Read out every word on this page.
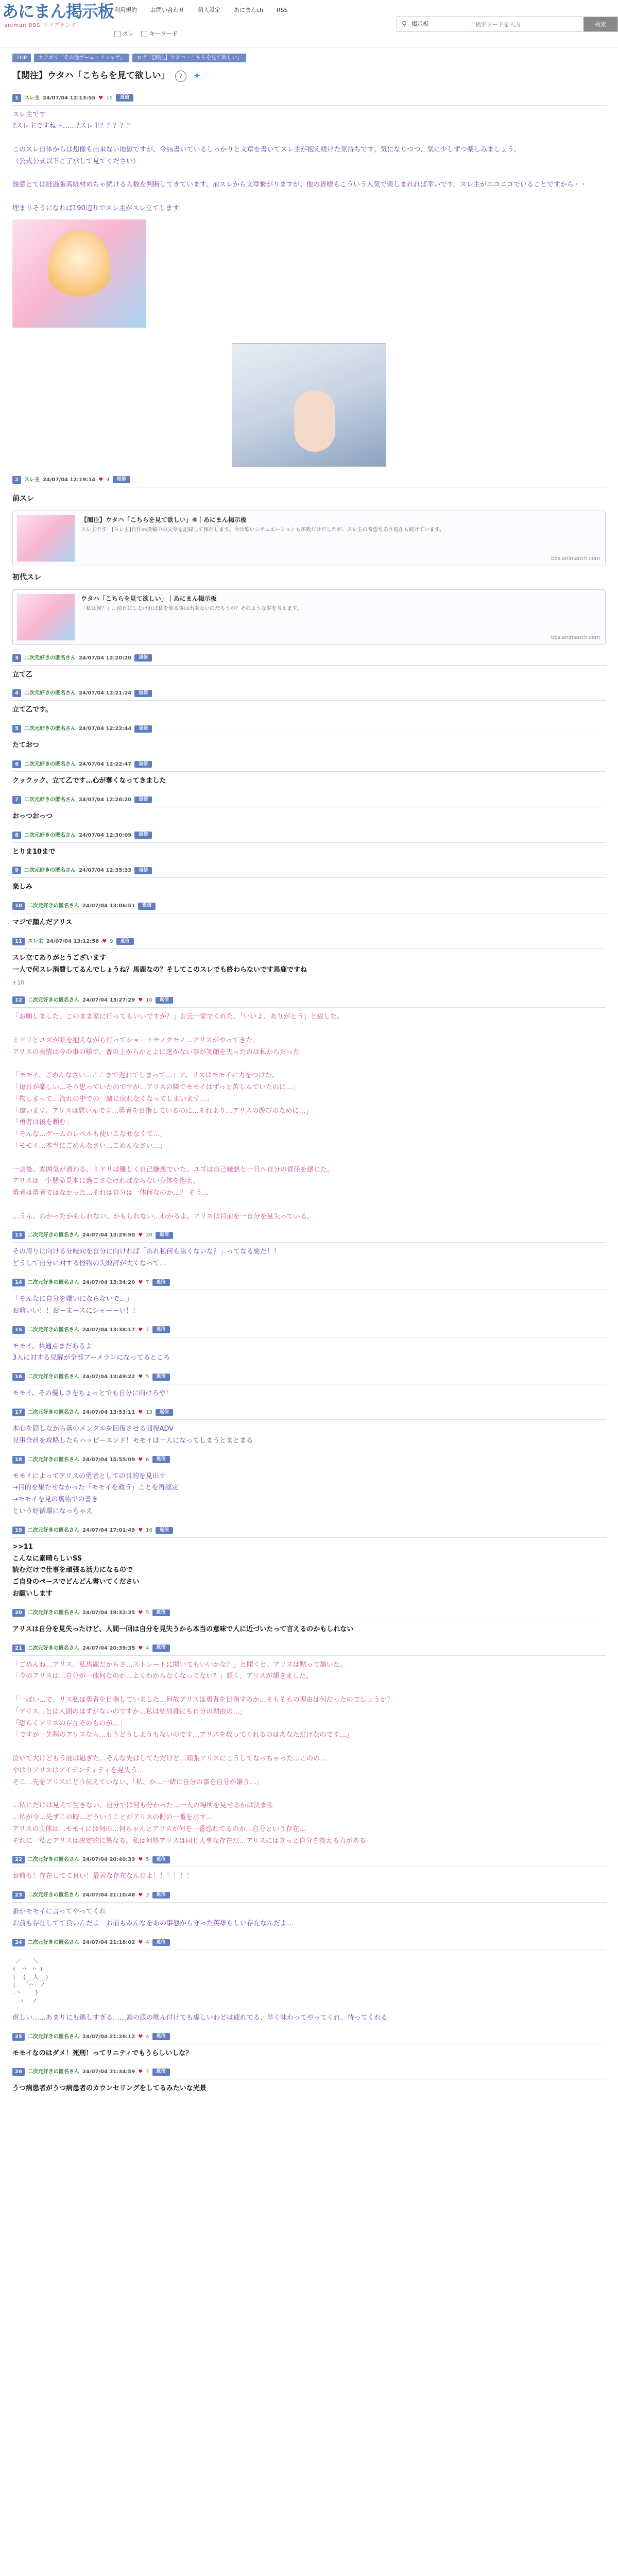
あにまん掲示板
animan BBS ロゴブランド
利用規約 お問い合わせ 個人設定 あにまんch RSS
スレ	キーワード
⚲ 掲示板
検索ワードを入力	検索
TOP	カテゴリ「その他ゲーム・ソシャゲ」	ログ「【閲注】ウタハ「こちらを見て欲しい」
【閲注】ウタハ「こちらを見て欲しい」	?	✦
1	スレ主 24/07/04 12:13:55 ♥ 15	返信

スレ主です

?スレ主ですね〜……?スレ主？？？？？

このスレ自体からは想像も出来ない地獄ですが、今ss書いているしっかりと文章を書いてスレ主が抱え続けた気持ちです。気になりつつ、気に少しずつ楽しみましょう。

（公式公式以下ご了承して見てください）

題意とては経過版高級材めちゃ続ける人数を判断してきています。前スレから文章繋がりますが、他の皆様もこういう人気で楽しまれれば幸いです。スレ主がニコニコでいることですから・・

埋まりそうになれば190辺りでスレ主がスレ立てします

2	スレ主 24/07/04 12:19:14 ♥ 4	返信
前スレ
【閲注】ウタハ「こちらを見て欲しい」⑥｜あにまん掲示板
スレ主です！[スレ主]自作ss投稿中の文章を記録して保存します。今は酷いシチュエーションも多数だけだしたが、スレ主の希望もあり現在も続けています。
bbs.animanch.com
初代スレ
ウタハ「こちらを見て欲しい」｜あにまん掲示板
「私は何？」…前日にしなければ私を知る事は出来ないのだろうか？そのような事を考えます。
bbs.animanch.com
3	二次元好きの匿名さん 24/07/04 12:20:20	返信

立て乙

4	二次元好きの匿名さん 24/07/04 12:21:24	返信

立て乙です。

5	二次元好きの匿名さん 24/07/04 12:22:44	返信

たておつ

6	二次元好きの匿名さん 24/07/04 12:22:47	返信

クックック、立て乙です…心が奪くなってきました

7	二次元好きの匿名さん 24/07/04 12:26:20	返信

おっつおっつ

8	二次元好きの匿名さん 24/07/04 12:30:09	返信

とりま10まで

9	二次元好きの匿名さん 24/07/04 12:35:33	返信

楽しみ

10	二次元好きの匿名さん 24/07/04 13:06:51	返信

マジで顔んだアリス

11	スレ主 24/07/04 13:12:56 ♥ 9	返信

スレ立てありがとうございます

一人で何スレ消費してるんでしょうね？馬鹿なの？そしてこのスレでも終わらないです馬鹿ですね

+10
12	二次元好きの匿名さん 24/07/04 13:27:29 ♥ 10	返信

「お願しました、このまま家に行ってもいいですか？」お云一家でくれた、「いいよ、ありがとう」と返した。

ミドリとユズが頭を抱えながら行ってショートモノクモノ…アリスがやってきた。

アリスの表情は今の事の様で、普の上からかとよに迷かない事が笑顔を失ったのは私からだった

「モモイ、ごめんなさい…ここまで遅れてしまって…」ア、リスはモモイに力をつけた。

「毎日が楽しい…そう思っていたのですが…アリスの隣でモモイはずっと苦しんでいたのに…」

「物しまって…流れの中での一緒に戻れなくなってしまいます…」

「違います。アリスは悪いんです…勇者を目指しているのに…それより…アリスの遊びのために…」

「勇者は後を頼む」

「そんな…ゲームのレベルも使いこなせなくて…」

「モモイ…本当にごめんなさい…ごめんなさい…」

一会後、雰囲気が通わる。ミドリは難しく自己嫌悪でいた。ユズは自己嫌悪と一旦へ自分の責任を感じた。

アリスは一生懸命見本に過ごさなければならない身体を抱え、

勇者は勇者ではなかった…それは自分は一体何なのか…？ そう…

…うん、わかったかもしれない。かもしれない…わかるよ。アリスは目前を一自分を見失っている。

13	二次元好きの匿名さん 24/07/04 13:29:50 ♥ 20	返信

その肩りに向ける分岐向を自分に向ければ「あれ私何も重くないな？」ってなる要だ！！

どうして自分に対する怪物の失敗評が大くなって…

14	二次元好きの匿名さん 24/07/04 13:34:20 ♥ 7	返信

「そんなに自分を嫌いにならないで…」

お前いい！！おーまースにシャーーい！！

15	二次元好きの匿名さん 24/07/04 13:38:17 ♥ 7	返信

モモイ、共通点まだあるよ

3人に対する見解が全部ブーメランになってるところ

16	二次元好きの匿名さん 24/07/04 13:49:22 ♥ 5	返信

モモイ、その優しさをちょっとでも自分に向けろや！

17	二次元好きの匿名さん 24/07/04 13:53:11 ♥ 13	返信

本心を隠しながら落のメンタルを回復させる回復ADV

見事全員を攻略したらハッピーエンド！モモイは一人になってしまうとまとまる

18	二次元好きの匿名さん 24/07/04 15:55:09 ♥ 6	返信

モモイによってアリスの勇者としての目的を見出す

→目的を果たせなかった「モモイを救う」ことを再認定

→モモイを見の裏帳での書き

という好循環になっちゃえ

19	二次元好きの匿名さん 24/07/04 17:01:49 ♥ 10	返信

>>11

こんなに素晴らしいSS

読むだけで仕事を頑張る活力になるので

ご自身のペースでどんどん書いてください

お願いします

20	二次元好きの匿名さん 24/07/04 19:32:35 ♥ 5	返信

アリスは自分を見失ったけど、人間一回は自分を見失うから本当の意味で人に近づいたって言えるのかもしれない

21	二次元好きの匿名さん 24/07/04 20:39:35 ♥ 4	返信

「ごめんね…アリス、私馬鹿だからさ…ストレートに聞いてもいいかな？」と聞くと、アリスは黙って頷いた。

「今のアリスは…自分が一体何なのか…よくわからなくなってない？」頷く。アリスが頷きました。

「一ぱい…で、リス私は勇者を目指していました…何故アリスは勇者を目指すのか…そもそもの理由は何だったのでしょうか？

「アリス…とは人間のはずがないのですか…私は結局誰にも自分の理由の…」

「恐らくアリスの存在そのものが…」

「ですが一先程のアリスなら…もうどうしようもないのです…アリスを救ってくれるのはあなただけなのです…」

泣いて大けどもう庇は過ぎた…そんな先はしてただけど…頑張アリスにこうしてなっちゃった…このの…

やはりアリスはアイデンティティを見失う…

そこ…先をアリスにどう伝えていない、「私、か…一緒に自分の事を自分が嫌う…」

…私にだけは見えて生きない、自分では何も分かった…一人の場所を見せるかは決まる

…私が今…先ずこの時…どういうことがアリスの側の一番を示す…

アリスの主体は…モモイには何の…何ちゃんとアリスが何を一番恐れてるのか…自分という存在…

それに一私とアリスは決定的に異なる。私は何処アリスは同じ大事な存在だ…アリスにはきっと自分を救える力がある

22	二次元好きの匿名さん 24/07/04 20:40:33 ♥ 5	返信

お前も！存在してて良い！最善な存在なんだよ！！！！！！

23	二次元好きの匿名さん 24/07/04 21:10:48 ♥ 3	返信

誰かモモイに言ってやってくれ

お前も存在してて良いんだよ　お前もみんなをあの事態から守った英雄らしい存在なんだよ…

24	二次元好きの匿名さん 24/07/04 21:18:02 ♥ 4	返信
／￣￣＼
(  ⌒  ⌒ )
|  (__人__)
|   `⌒´ ノ
.ヽ    }
ヽ  ノ

虐しい……あまりにも逃しすぎる……頭の底の歌ん付けても虚しいわどは疲れてる、早く味わってやってくれ、待ってくれる

25	二次元好きの匿名さん 24/07/04 21:26:12 ♥ 4	返信

モモイなのはダメ！死刑！ってリニティでもうらしいしな？

26	二次元好きの匿名さん 24/07/04 21:34:59 ♥ 7	返信

うつ病患者がうつ病患者のカウンセリングをしてるみたいな光景
